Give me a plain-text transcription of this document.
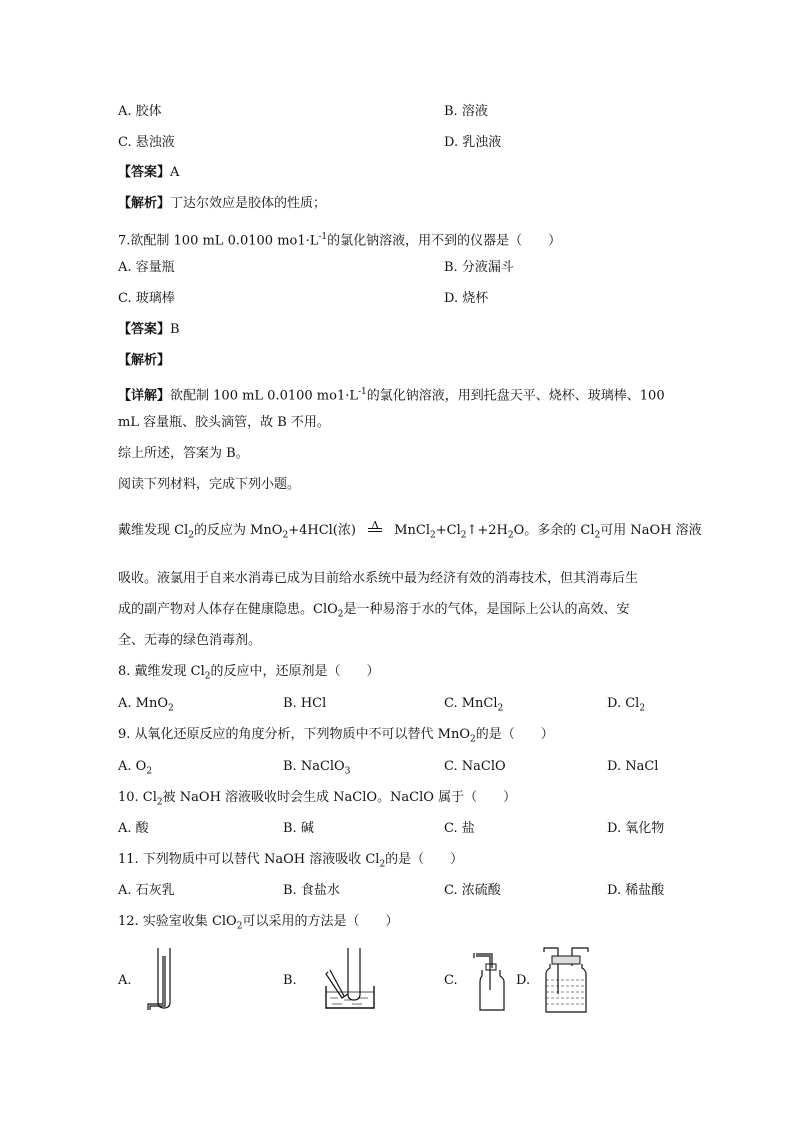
A. 胶体	B. 溶液
C. 悬浊液	D. 乳浊液
【答案】A
【解析】丁达尔效应是胶体的性质；
7.欲配制 100 mL 0.0100 $mo1\cdot L^{-1}$的氯化钠溶液，用不到的仪器是（　　）
A. 容量瓶	B. 分液漏斗
C. 玻璃棒	D. 烧杯
【答案】B
【解析】
【详解】欲配制 100 mL 0.0100 $mo1\cdot L^{-1}$的氯化钠溶液，用到托盘天平、烧杯、玻璃棒、100
mL 容量瓶、胶头滴管，故 B 不用。
综上所述，答案为 B。
阅读下列材料，完成下列小题。
戴维发现 $Cl_2$的反应为 MnO$_2$+4HCl(浓)	Δ	$MnCl_2+Cl_2↑+2H_2O$。多余的 $Cl_2$可用 NaOH 溶液
吸收。液氯用于自来水消毒已成为目前给水系统中最为经济有效的消毒技术，但其消毒后生
成的副产物对人体存在健康隐患。ClO$_2$是一种易溶于水的气体，是国际上公认的高效、安
全、无毒的绿色消毒剂。
8. 戴维发现 $Cl_2$的反应中，还原剂是（　　）
A. MnO$_2$	B. HCl	C. MnCl$_2$	D. $Cl_2$
9. 从氧化还原反应的角度分析，下列物质中不可以替代 MnO$_2$的是（　　）
A. $O_2$	B. NaClO$_3$	C. NaClO	D. NaCl
10. $Cl_2$被 NaOH 溶液吸收时会生成 NaClO。NaClO 属于（　　）
A. 酸	B. 碱	C. 盐	D. 氧化物
11. 下列物质中可以替代 NaOH 溶液吸收 $Cl_2$的是（　　）
A. 石灰乳	B. 食盐水	C. 浓硫酸	D. 稀盐酸
12. 实验室收集 ClO$_2$可以采用的方法是（　　）
A.	B.	C.	D.
